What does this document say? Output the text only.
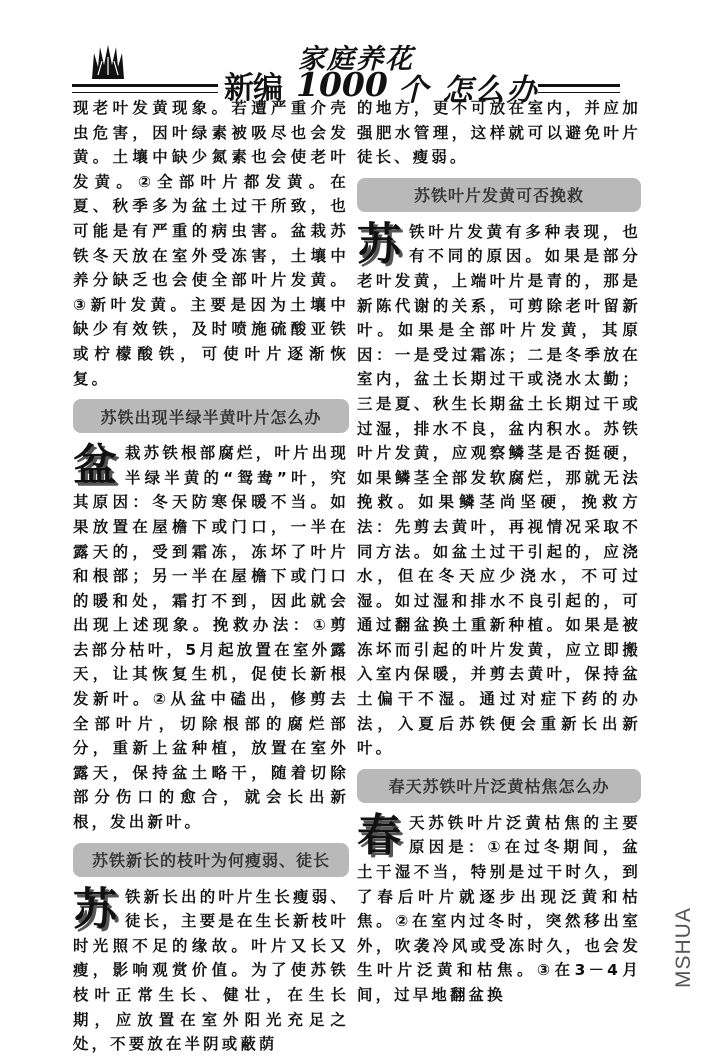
新编
家庭养花
1000 个 怎么办

现老叶发黄现象。若遭严重介壳虫危害，因叶绿素被吸尽也会发黄。土壤中缺少氮素也会使老叶发黄。②全部叶片都发黄。在夏、秋季多为盆土过干所致，也可能是有严重的病虫害。盆栽苏铁冬天放在室外受冻害，土壤中养分缺乏也会使全部叶片发黄。③新叶发黄。主要是因为土壤中缺少有效铁，及时喷施硫酸亚铁或柠檬酸铁，可使叶片逐渐恢复。

苏铁出现半绿半黄叶片怎么办
盆 栽苏铁根部腐烂，叶片出现半绿半黄的“鸳鸯”叶，究其原因：冬天防寒保暖不当。如果放置在屋檐下或门口，一半在露天的，受到霜冻，冻坏了叶片和根部；另一半在屋檐下或门口的暖和处，霜打不到，因此就会出现上述现象。挽救办法：①剪去部分枯叶，5月起放置在室外露天，让其恢复生机，促使长新根发新叶。②从盆中磕出，修剪去全部叶片，切除根部的腐烂部分，重新上盆种植，放置在室外露天，保持盆土略干，随着切除部分伤口的愈合，就会长出新根，发出新叶。

苏铁新长的枝叶为何瘦弱、徒长
苏 铁新长出的叶片生长瘦弱、徒长，主要是在生长新枝叶时光照不足的缘故。叶片又长又瘦，影响观赏价值。为了使苏铁枝叶正常生长、健壮，在生长期，应放置在室外阳光充足之处，不要放在半阴或蔽荫

的地方，更不可放在室内，并应加强肥水管理，这样就可以避免叶片徒长、瘦弱。

苏铁叶片发黄可否挽救
苏 铁叶片发黄有多种表现，也有不同的原因。如果是部分老叶发黄，上端叶片是青的，那是新陈代谢的关系，可剪除老叶留新叶。如果是全部叶片发黄，其原因：一是受过霜冻；二是冬季放在室内，盆土长期过干或浇水太勤；三是夏、秋生长期盆土长期过干或过湿，排水不良，盆内积水。苏铁叶片发黄，应观察鳞茎是否挺硬，如果鳞茎全部发软腐烂，那就无法挽救。如果鳞茎尚坚硬，挽救方法：先剪去黄叶，再视情况采取不同方法。如盆土过干引起的，应浇水，但在冬天应少浇水，不可过湿。如过湿和排水不良引起的，可通过翻盆换土重新种植。如果是被冻坏而引起的叶片发黄，应立即搬入室内保暖，并剪去黄叶，保持盆土偏干不湿。通过对症下药的办法，入夏后苏铁便会重新长出新叶。

春天苏铁叶片泛黄枯焦怎么办
春 天苏铁叶片泛黄枯焦的主要原因是：①在过冬期间，盆土干湿不当，特别是过干时久，到了春后叶片就逐步出现泛黄和枯焦。②在室内过冬时，突然移出室外，吹袭冷风或受冻时久，也会发生叶片泛黄和枯焦。③在3－4月间，过早地翻盆换

MSHUA
